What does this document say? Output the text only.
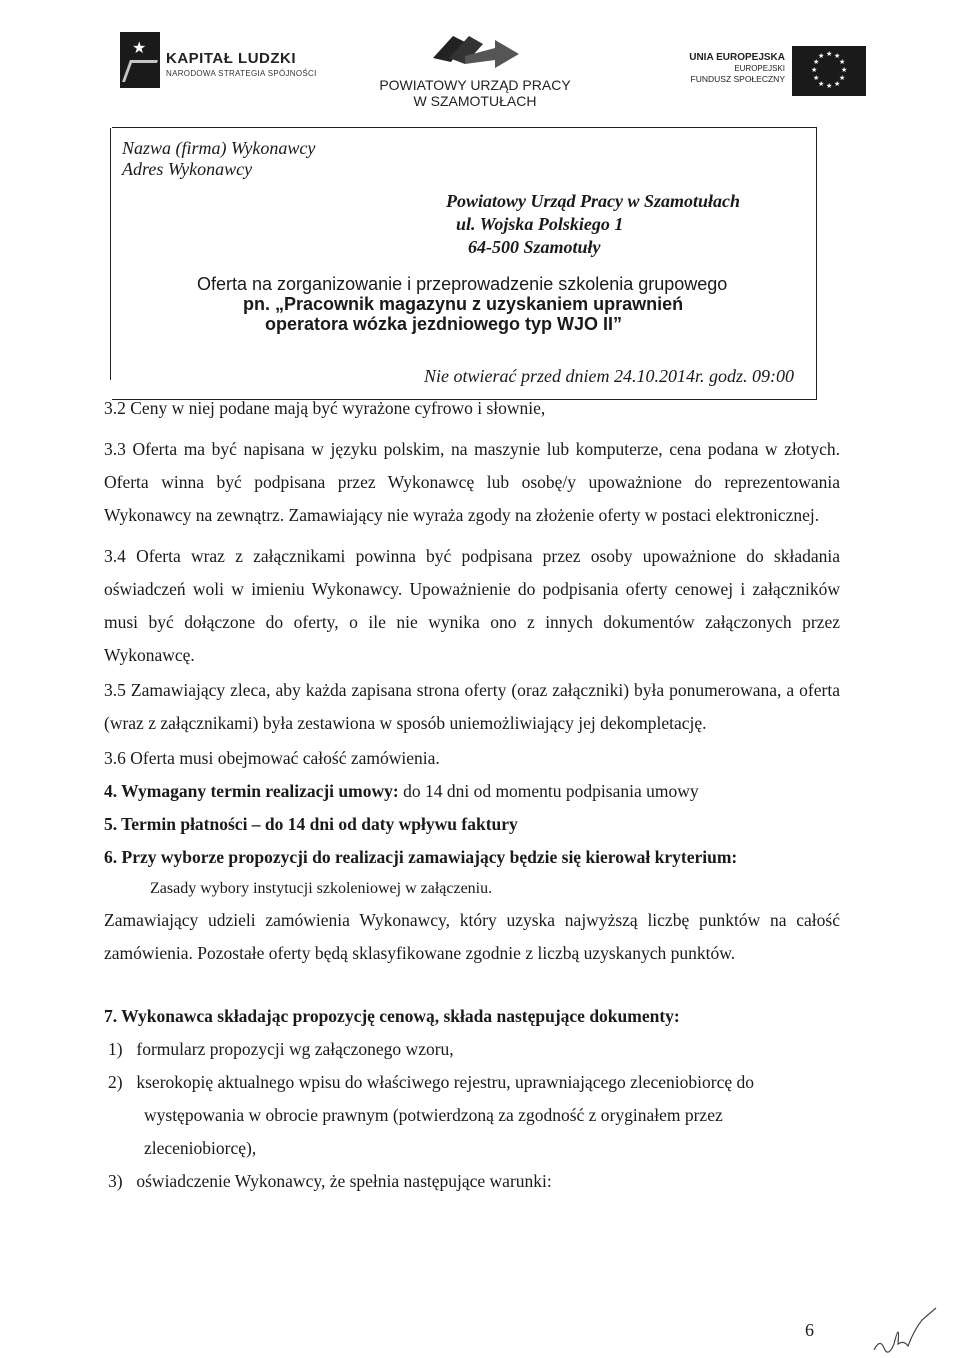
★
KAPITAŁ LUDZKI
NARODOWA STRATEGIA SPÓJNOŚCI
POWIATOWY URZĄD PRACY
W SZAMOTUŁACH
UNIA EUROPEJSKA
EUROPEJSKI
FUNDUSZ SPOŁECZNY
★ ★
★
★
★
★
★
★
★
★
★
★
Nazwa (firma) Wykonawcy
Adres Wykonawcy
Powiatowy Urząd Pracy w Szamotułach
ul. Wojska Polskiego 1
64-500 Szamotuły
Oferta na zorganizowanie i przeprowadzenie szkolenia grupowego
pn. „Pracownik magazynu z uzyskaniem uprawnień
operatora wózka jezdniowego typ WJO II”
Nie otwierać przed dniem 24.10.2014r. godz. 09:00
3.2 Ceny w niej podane mają być wyrażone cyfrowo i słownie,
3.3 Oferta ma być napisana w języku polskim, na maszynie lub komputerze, cena podana w złotych. Oferta winna być podpisana przez Wykonawcę lub osobę/y upoważnione do reprezentowania Wykonawcy na zewnątrz. Zamawiający nie wyraża zgody na złożenie oferty w postaci elektronicznej.
3.4 Oferta wraz z załącznikami powinna być podpisana przez osoby upoważnione do składania oświadczeń woli w imieniu Wykonawcy. Upoważnienie do podpisania oferty cenowej i załączników musi być dołączone do oferty, o ile nie wynika ono z innych dokumentów załączonych przez Wykonawcę.
3.5 Zamawiający zleca, aby każda zapisana strona oferty (oraz załączniki) była ponumerowana, a oferta (wraz z załącznikami) była zestawiona w sposób uniemożliwiający jej dekompletację.
3.6 Oferta musi obejmować całość zamówienia.
4. Wymagany termin realizacji umowy: do 14 dni od momentu podpisania umowy
5. Termin płatności – do 14 dni od daty wpływu faktury
6. Przy wyborze propozycji do realizacji zamawiający będzie się kierował kryterium:
Zasady wybory instytucji szkoleniowej w załączeniu.
Zamawiający udzieli zamówienia Wykonawcy, który uzyska najwyższą liczbę punktów na całość zamówienia. Pozostałe oferty będą sklasyfikowane zgodnie z liczbą uzyskanych punktów.
7. Wykonawca składając propozycję cenową, składa następujące dokumenty:
1) formularz propozycji wg załączonego wzoru,
2) kserokopię aktualnego wpisu do właściwego rejestru, uprawniającego zleceniobiorcę do
występowania w obrocie prawnym (potwierdzoną za zgodność z oryginałem przez
zleceniobiorcę),
3) oświadczenie Wykonawcy, że spełnia następujące warunki:
6
